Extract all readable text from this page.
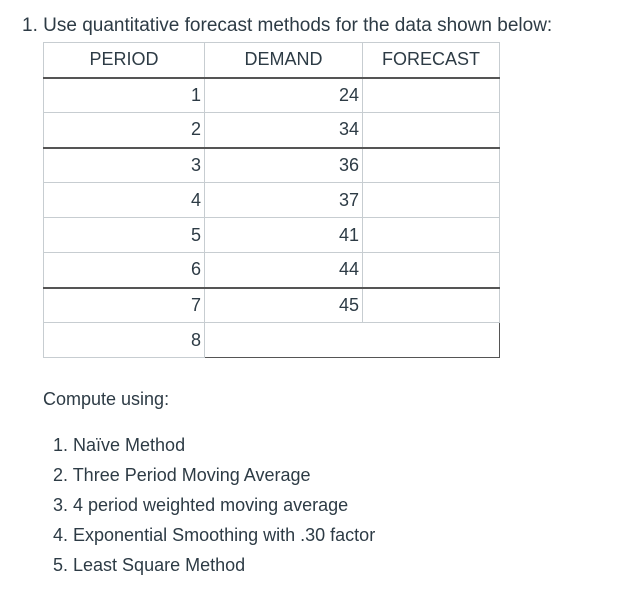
1. Use quantitative forecast methods for the data shown below:
PERIOD	DEMAND	FORECAST
1	24	
2	34	
3	36	
4	37	
5	41	
6	44	
7	45	
8		
Compute using:
1. Naïve Method
2. Three Period Moving Average
3. 4 period weighted moving average
4. Exponential Smoothing with .30 factor
5. Least Square Method
